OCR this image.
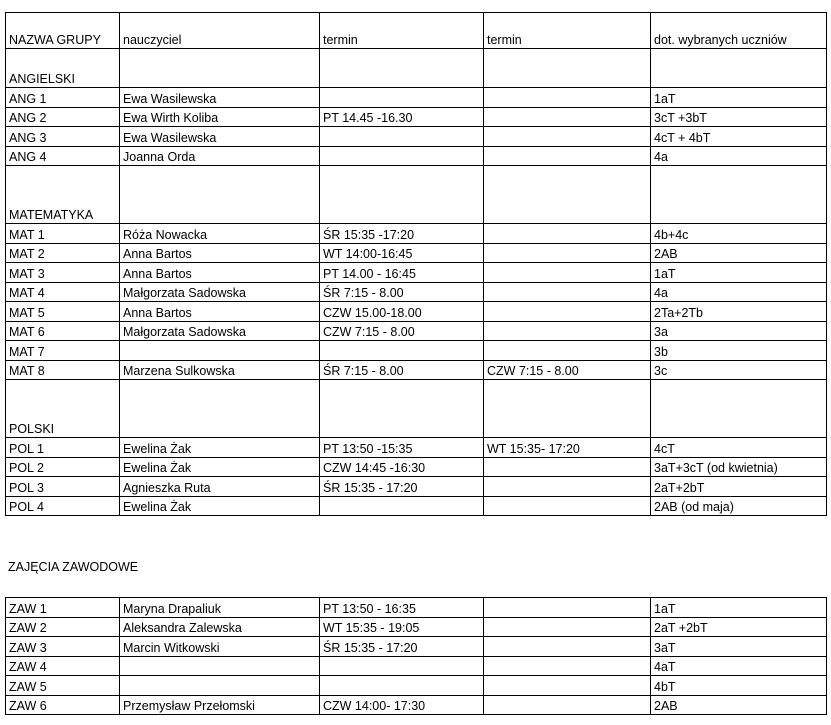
NAZWA GRUPY	nauczyciel	termin	termin	dot. wybranych uczniów
ANGIELSKI				
ANG 1	Ewa Wasilewska			1aT
ANG 2	Ewa Wirth Koliba	PT 14.45 -16.30		3cT +3bT
ANG 3	Ewa Wasilewska			4cT + 4bT
ANG 4	Joanna Orda			4a
MATEMATYKA				
MAT 1	Róża Nowacka	ŚR 15:35 -17:20		4b+4c
MAT 2	Anna Bartos	WT 14:00-16:45		2AB
MAT 3	Anna Bartos	PT 14.00 - 16:45		1aT
MAT 4	Małgorzata Sadowska	ŚR 7:15 - 8.00		4a
MAT 5	Anna Bartos	CZW 15.00-18.00		2Ta+2Tb
MAT 6	Małgorzata Sadowska	CZW 7:15 - 8.00		3a
MAT 7				3b
MAT 8	Marzena Sulkowska	ŚR 7:15 - 8.00	CZW 7:15 - 8.00	3c
POLSKI				
POL 1	Ewelina Żak	PT 13:50 -15:35	WT 15:35- 17:20	4cT
POL 2	Ewelina Żak	CZW 14:45 -16:30		3aT+3cT (od kwietnia)
POL 3	Agnieszka Ruta	ŚR 15:35 - 17:20		2aT+2bT
POL 4	Ewelina Żak			2AB (od maja)
ZAJĘCIA ZAWODOWE
ZAW 1	Maryna Drapaliuk	PT 13:50 - 16:35		1aT
ZAW 2	Aleksandra Zalewska	WT 15:35 - 19:05		2aT +2bT
ZAW 3	Marcin Witkowski	ŚR 15:35 - 17:20		3aT
ZAW 4				4aT
ZAW 5				4bT
ZAW 6	Przemysław Przełomski	CZW 14:00- 17:30		2AB
